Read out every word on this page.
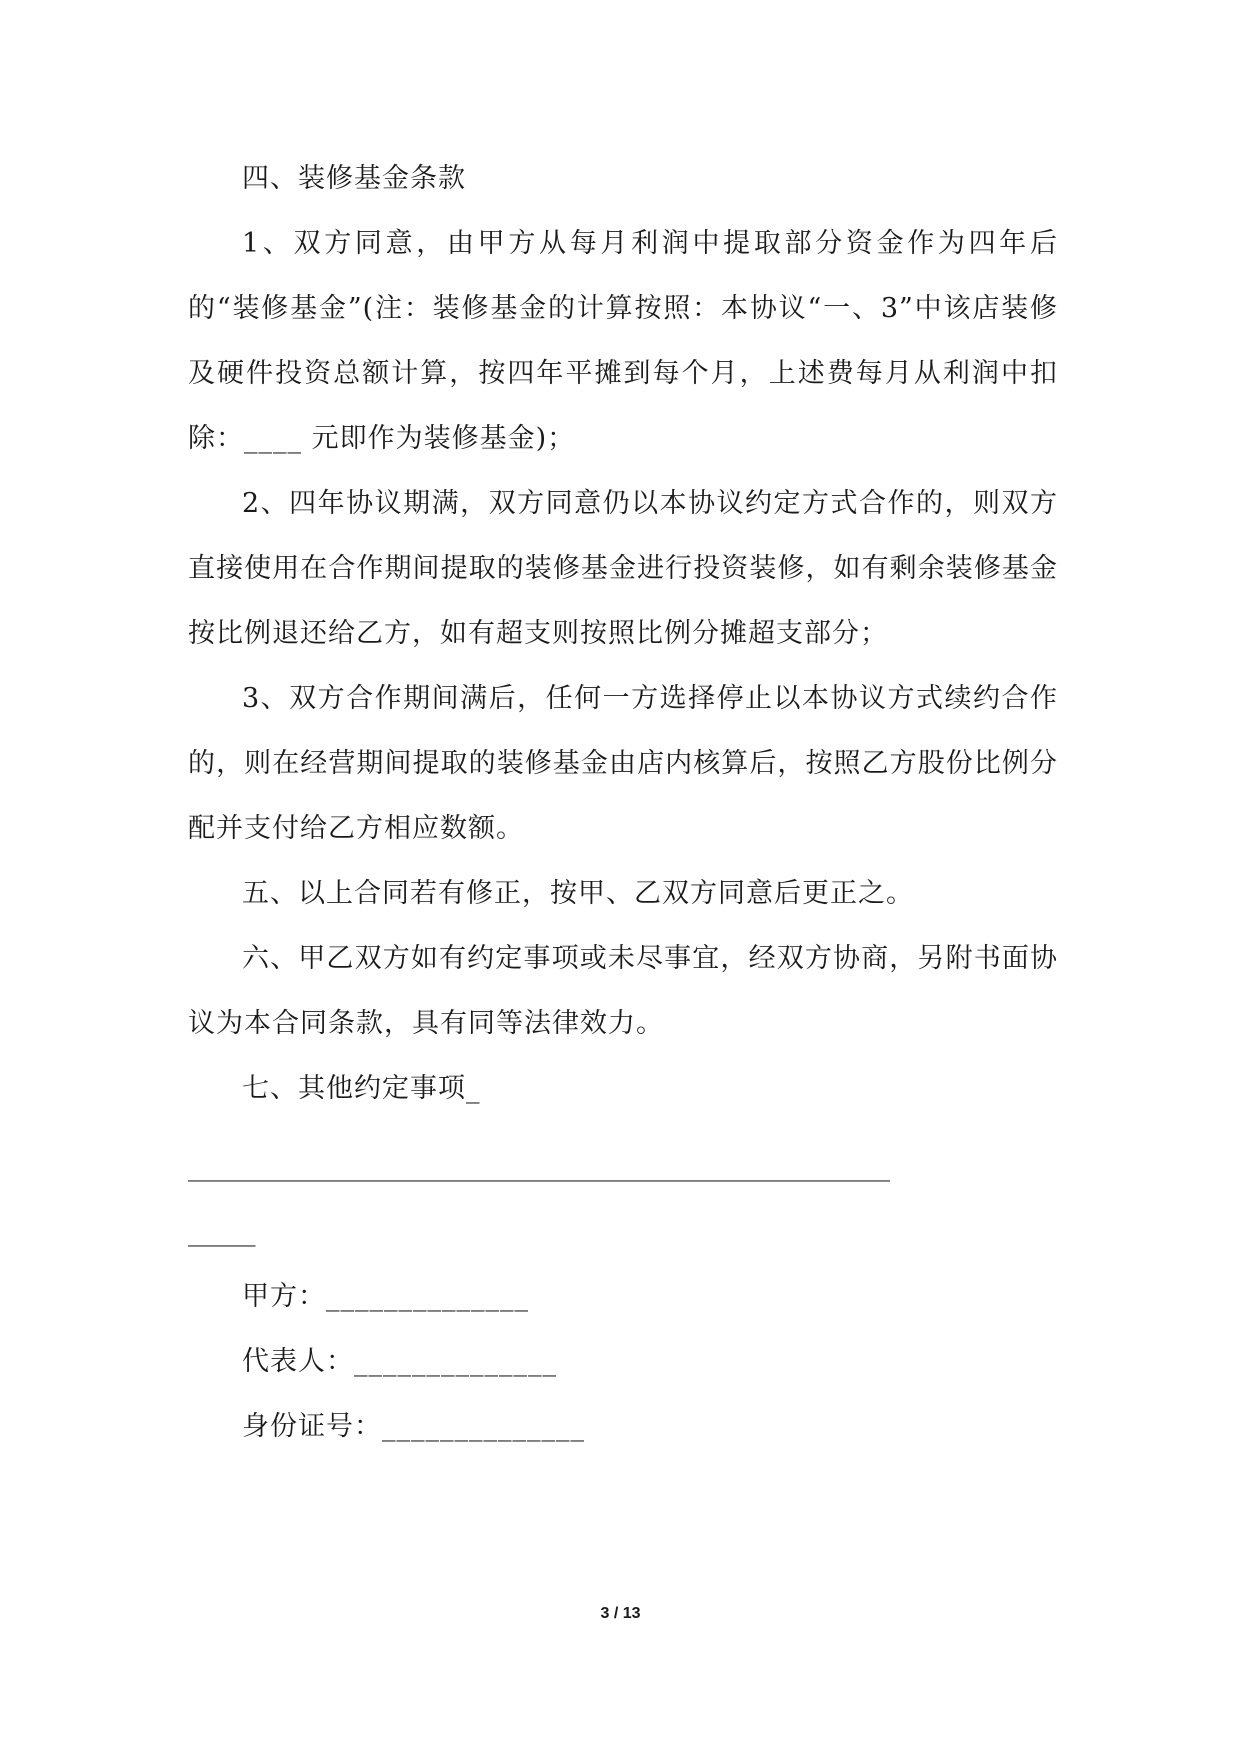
四、装修基金条款

1、双方同意，由甲方从每月利润中提取部分资金作为四年后的“装修基金”(注：装修基金的计算按照：本协议“一、3”中该店装修及硬件投资总额计算，按四年平摊到每个月，上述费每月从利润中扣除：____ 元即作为装修基金)；

2、四年协议期满，双方同意仍以本协议约定方式合作的，则双方直接使用在合作期间提取的装修基金进行投资装修，如有剩余装修基金按比例退还给乙方，如有超支则按照比例分摊超支部分；

3、双方合作期间满后，任何一方选择停止以本协议方式续约合作的，则在经营期间提取的装修基金由店内核算后，按照乙方股份比例分配并支付给乙方相应数额。

五、以上合同若有修正，按甲、乙双方同意后更正之。

六、甲乙双方如有约定事项或未尽事宜，经双方协商，另附书面协议为本合同条款，具有同等法律效力。

七、其他约定事项_

____________________________________________________

_____

甲方：______________

代表人：______________

身份证号：______________

3 / 13
